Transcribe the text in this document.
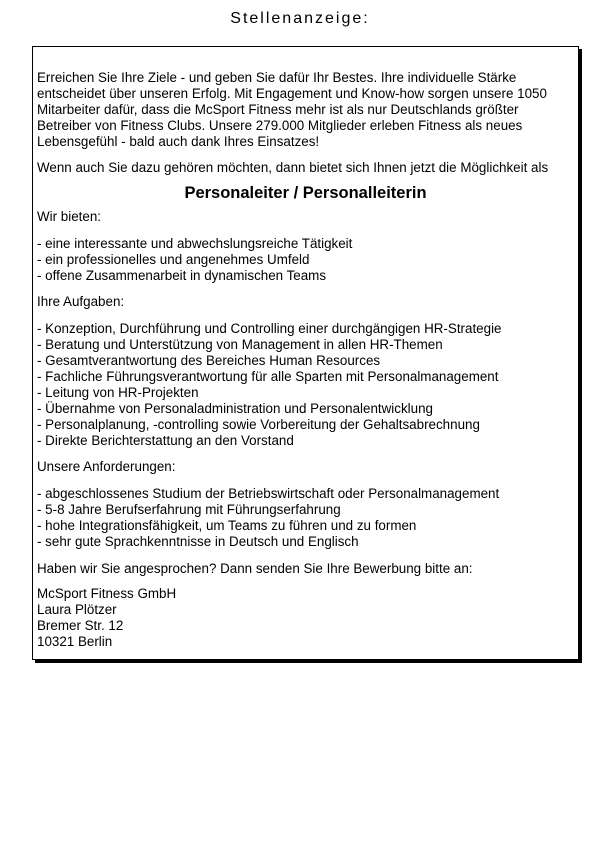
Stellenanzeige:

Erreichen Sie Ihre Ziele - und geben Sie dafür Ihr Bestes. Ihre individuelle Stärke entscheidet über unseren Erfolg. Mit Engagement und Know-how sorgen unsere 1050 Mitarbeiter dafür, dass die McSport Fitness mehr ist als nur Deutschlands größter Betreiber von Fitness Clubs. Unsere 279.000 Mitglieder erleben Fitness als neues Lebensgefühl - bald auch dank Ihres Einsatzes!

Wenn auch Sie dazu gehören möchten, dann bietet sich Ihnen jetzt die Möglichkeit als

Personaleiter / Personalleiterin

Wir bieten:

- eine interessante und abwechslungsreiche Tätigkeit
- ein professionelles und angenehmes Umfeld
- offene Zusammenarbeit in dynamischen Teams

Ihre Aufgaben:

- Konzeption, Durchführung und Controlling einer durchgängigen HR-Strategie
- Beratung und Unterstützung von Management in allen HR-Themen
- Gesamtverantwortung des Bereiches Human Resources
- Fachliche Führungsverantwortung für alle Sparten mit Personalmanagement
- Leitung von HR-Projekten
- Übernahme von Personaladministration und Personalentwicklung
- Personalplanung, -controlling sowie Vorbereitung der Gehaltsabrechnung
- Direkte Berichterstattung an den Vorstand

Unsere Anforderungen:

- abgeschlossenes Studium der Betriebswirtschaft oder Personalmanagement
- 5-8 Jahre Berufserfahrung mit Führungserfahrung
- hohe Integrationsfähigkeit, um Teams zu führen und zu formen
- sehr gute Sprachkenntnisse in Deutsch und Englisch

Haben wir Sie angesprochen? Dann senden Sie Ihre Bewerbung bitte an:

McSport Fitness GmbH
Laura Plötzer
Bremer Str. 12
10321 Berlin
